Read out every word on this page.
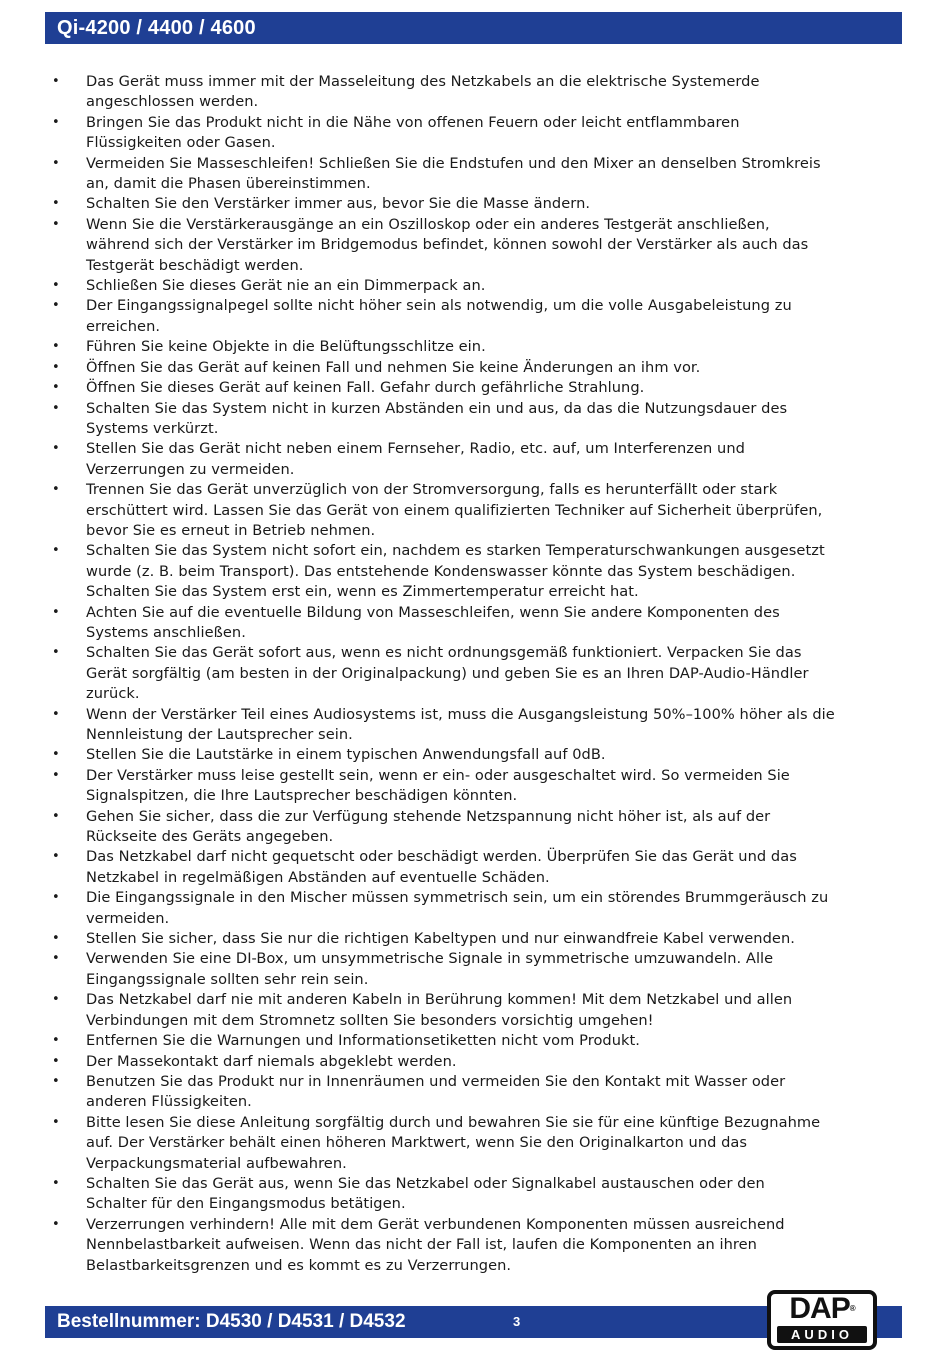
Qi-4200 / 4400 / 4600
• Das Gerät muss immer mit der Masseleitung des Netzkabels an die elektrische Systemerde
angeschlossen werden.
• Bringen Sie das Produkt nicht in die Nähe von offenen Feuern oder leicht entflammbaren
Flüssigkeiten oder Gasen.
• Vermeiden Sie Masseschleifen! Schließen Sie die Endstufen und den Mixer an denselben Stromkreis
an, damit die Phasen übereinstimmen.
• Schalten Sie den Verstärker immer aus, bevor Sie die Masse ändern.
• Wenn Sie die Verstärkerausgänge an ein Oszilloskop oder ein anderes Testgerät anschließen,
während sich der Verstärker im Bridgemodus befindet, können sowohl der Verstärker als auch das
Testgerät beschädigt werden.
• Schließen Sie dieses Gerät nie an ein Dimmerpack an.
• Der Eingangssignalpegel sollte nicht höher sein als notwendig, um die volle Ausgabeleistung zu
erreichen.
• Führen Sie keine Objekte in die Belüftungsschlitze ein.
• Öffnen Sie das Gerät auf keinen Fall und nehmen Sie keine Änderungen an ihm vor.
• Öffnen Sie dieses Gerät auf keinen Fall. Gefahr durch gefährliche Strahlung.
• Schalten Sie das System nicht in kurzen Abständen ein und aus, da das die Nutzungsdauer des
Systems verkürzt.
• Stellen Sie das Gerät nicht neben einem Fernseher, Radio, etc. auf, um Interferenzen und
Verzerrungen zu vermeiden.
• Trennen Sie das Gerät unverzüglich von der Stromversorgung, falls es herunterfällt oder stark
erschüttert wird. Lassen Sie das Gerät von einem qualifizierten Techniker auf Sicherheit überprüfen,
bevor Sie es erneut in Betrieb nehmen.
• Schalten Sie das System nicht sofort ein, nachdem es starken Temperaturschwankungen ausgesetzt
wurde (z. B. beim Transport). Das entstehende Kondenswasser könnte das System beschädigen.
Schalten Sie das System erst ein, wenn es Zimmertemperatur erreicht hat.
• Achten Sie auf die eventuelle Bildung von Masseschleifen, wenn Sie andere Komponenten des
Systems anschließen.
• Schalten Sie das Gerät sofort aus, wenn es nicht ordnungsgemäß funktioniert. Verpacken Sie das
Gerät sorgfältig (am besten in der Originalpackung) und geben Sie es an Ihren DAP-Audio-Händler
zurück.
• Wenn der Verstärker Teil eines Audiosystems ist, muss die Ausgangsleistung 50%–100% höher als die
Nennleistung der Lautsprecher sein.
• Stellen Sie die Lautstärke in einem typischen Anwendungsfall auf 0dB.
• Der Verstärker muss leise gestellt sein, wenn er ein- oder ausgeschaltet wird. So vermeiden Sie
Signalspitzen, die Ihre Lautsprecher beschädigen könnten.
• Gehen Sie sicher, dass die zur Verfügung stehende Netzspannung nicht höher ist, als auf der
Rückseite des Geräts angegeben.
• Das Netzkabel darf nicht gequetscht oder beschädigt werden. Überprüfen Sie das Gerät und das
Netzkabel in regelmäßigen Abständen auf eventuelle Schäden.
• Die Eingangssignale in den Mischer müssen symmetrisch sein, um ein störendes Brummgeräusch zu
vermeiden.
• Stellen Sie sicher, dass Sie nur die richtigen Kabeltypen und nur einwandfreie Kabel verwenden.
• Verwenden Sie eine DI-Box, um unsymmetrische Signale in symmetrische umzuwandeln. Alle
Eingangssignale sollten sehr rein sein.
• Das Netzkabel darf nie mit anderen Kabeln in Berührung kommen! Mit dem Netzkabel und allen
Verbindungen mit dem Stromnetz sollten Sie besonders vorsichtig umgehen!
• Entfernen Sie die Warnungen und Informationsetiketten nicht vom Produkt.
• Der Massekontakt darf niemals abgeklebt werden.
• Benutzen Sie das Produkt nur in Innenräumen und vermeiden Sie den Kontakt mit Wasser oder
anderen Flüssigkeiten.
• Bitte lesen Sie diese Anleitung sorgfältig durch und bewahren Sie sie für eine künftige Bezugnahme
auf. Der Verstärker behält einen höheren Marktwert, wenn Sie den Originalkarton und das
Verpackungsmaterial aufbewahren.
• Schalten Sie das Gerät aus, wenn Sie das Netzkabel oder Signalkabel austauschen oder den
Schalter für den Eingangsmodus betätigen.
• Verzerrungen verhindern! Alle mit dem Gerät verbundenen Komponenten müssen ausreichend
Nennbelastbarkeit aufweisen. Wenn das nicht der Fall ist, laufen die Komponenten an ihren
Belastbarkeitsgrenzen und es kommt es zu Verzerrungen.
Bestellnummer: D4530 / D4531 / D4532	3	DAP®
AUDIO
